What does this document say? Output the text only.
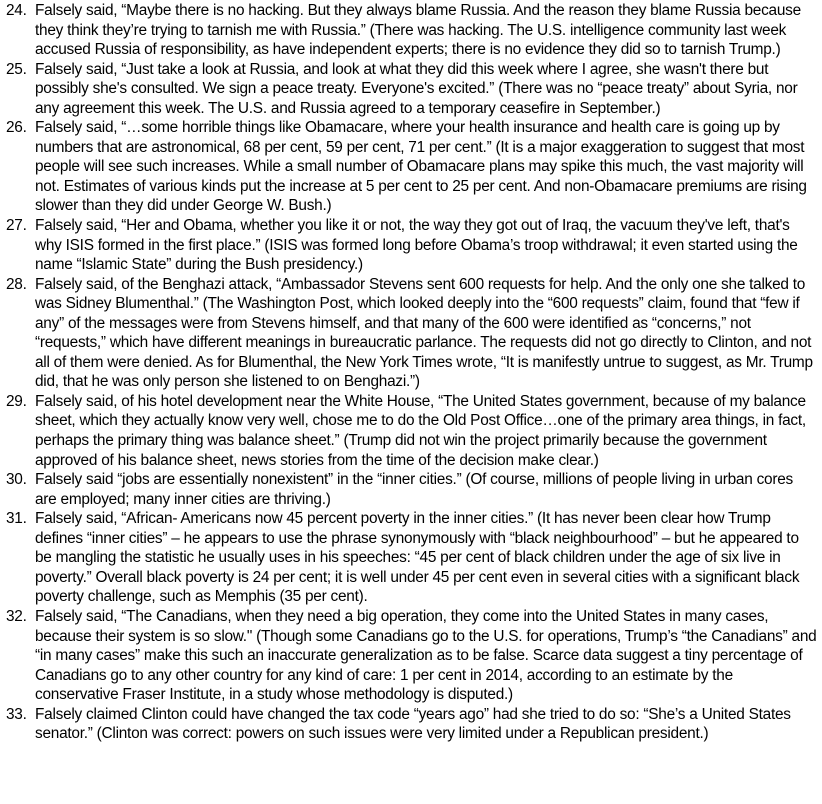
24. Falsely said, “Maybe there is no hacking. But they always blame Russia. And the reason they blame Russia because they think they’re trying to tarnish me with Russia.” (There was hacking. The U.S. intelligence community last week accused Russia of responsibility, as have independent experts; there is no evidence they did so to tarnish Trump.)
25. Falsely said, “Just take a look at Russia, and look at what they did this week where I agree, she wasn't there but possibly she's consulted. We sign a peace treaty. Everyone's excited.” (There was no “peace treaty” about Syria, nor any agreement this week. The U.S. and Russia agreed to a temporary ceasefire in September.)
26. Falsely said, “…some horrible things like Obamacare, where your health insurance and health care is going up by numbers that are astronomical, 68 per cent, 59 per cent, 71 per cent.” (It is a major exaggeration to suggest that most people will see such increases. While a small number of Obamacare plans may spike this much, the vast majority will not. Estimates of various kinds put the increase at 5 per cent to 25 per cent. And non-Obamacare premiums are rising slower than they did under George W. Bush.)
27. Falsely said, “Her and Obama, whether you like it or not, the way they got out of Iraq, the vacuum they've left, that's why ISIS formed in the first place.” (ISIS was formed long before Obama’s troop withdrawal; it even started using the name “Islamic State” during the Bush presidency.)
28. Falsely said, of the Benghazi attack, “Ambassador Stevens sent 600 requests for help. And the only one she talked to was Sidney Blumenthal.” (The Washington Post, which looked deeply into the “600 requests” claim, found that “few if any” of the messages were from Stevens himself, and that many of the 600 were identified as “concerns,” not “requests,” which have different meanings in bureaucratic parlance. The requests did not go directly to Clinton, and not all of them were denied. As for Blumenthal, the New York Times wrote, “It is manifestly untrue to suggest, as Mr. Trump did, that he was only person she listened to on Benghazi.”)
29. Falsely said, of his hotel development near the White House, “The United States government, because of my balance sheet, which they actually know very well, chose me to do the Old Post Office…one of the primary area things, in fact, perhaps the primary thing was balance sheet.” (Trump did not win the project primarily because the government approved of his balance sheet, news stories from the time of the decision make clear.)
30. Falsely said “jobs are essentially nonexistent” in the “inner cities.” (Of course, millions of people living in urban cores are employed; many inner cities are thriving.)
31. Falsely said, “African- Americans now 45 percent poverty in the inner cities.” (It has never been clear how Trump defines “inner cities” – he appears to use the phrase synonymously with “black neighbourhood” – but he appeared to be mangling the statistic he usually uses in his speeches: “45 per cent of black children under the age of six live in poverty.” Overall black poverty is 24 per cent; it is well under 45 per cent even in several cities with a significant black poverty challenge, such as Memphis (35 per cent).
32. Falsely said, “The Canadians, when they need a big operation, they come into the United States in many cases, because their system is so slow." (Though some Canadians go to the U.S. for operations, Trump’s “the Canadians” and “in many cases” make this such an inaccurate generalization as to be false. Scarce data suggest a tiny percentage of Canadians go to any other country for any kind of care: 1 per cent in 2014, according to an estimate by the conservative Fraser Institute, in a study whose methodology is disputed.)
33. Falsely claimed Clinton could have changed the tax code “years ago” had she tried to do so: “She’s a United States senator.” (Clinton was correct: powers on such issues were very limited under a Republican president.)
